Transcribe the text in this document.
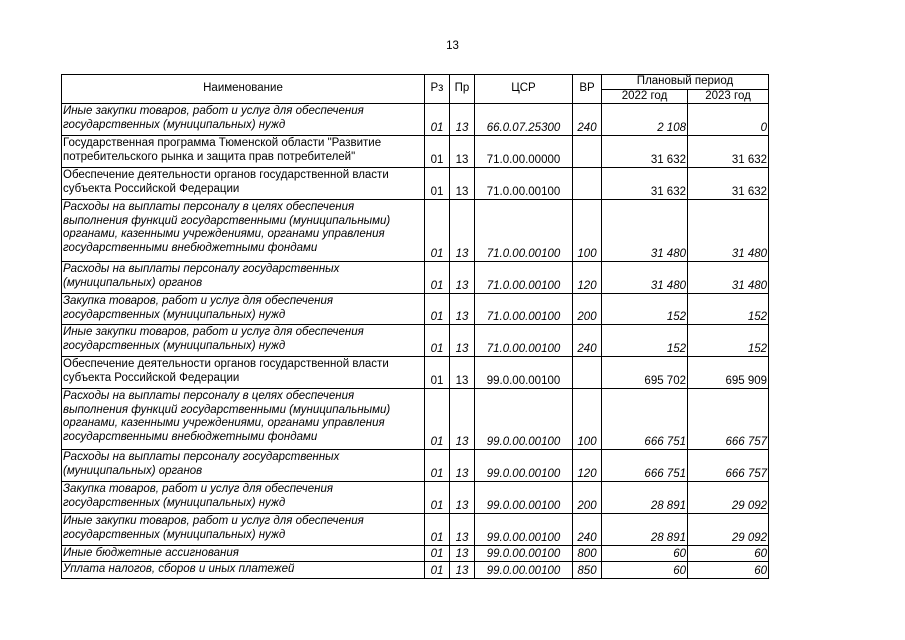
13
Наименование	Рз	Пр	ЦСР	ВР	Плановый период	
					2022 год	2023 год
Иные закупки товаров, работ и услуг для обеспечения государственных (муниципальных) нужд	01	13	66.0.07.25300	240	2 108	0
Государственная программа Тюменской области "Развитие потребительского рынка и защита прав потребителей"	01	13	71.0.00.00000		31 632	31 632
Обеспечение деятельности органов государственной власти субъекта Российской Федерации	01	13	71.0.00.00100		31 632	31 632
Расходы на выплаты персоналу в целях обеспечения выполнения функций государственными (муниципальными) органами, казенными учреждениями, органами управления государственными внебюджетными фондами	01	13	71.0.00.00100	100	31 480	31 480
Расходы на выплаты персоналу государственных (муниципальных) органов	01	13	71.0.00.00100	120	31 480	31 480
Закупка товаров, работ и услуг для обеспечения государственных (муниципальных) нужд	01	13	71.0.00.00100	200	152	152
Иные закупки товаров, работ и услуг для обеспечения государственных (муниципальных) нужд	01	13	71.0.00.00100	240	152	152
Обеспечение деятельности органов государственной власти субъекта Российской Федерации	01	13	99.0.00.00100		695 702	695 909
Расходы на выплаты персоналу в целях обеспечения выполнения функций государственными (муниципальными) органами, казенными учреждениями, органами управления государственными внебюджетными фондами	01	13	99.0.00.00100	100	666 751	666 757
Расходы на выплаты персоналу государственных (муниципальных) органов	01	13	99.0.00.00100	120	666 751	666 757
Закупка товаров, работ и услуг для обеспечения государственных (муниципальных) нужд	01	13	99.0.00.00100	200	28 891	29 092
Иные закупки товаров, работ и услуг для обеспечения государственных (муниципальных) нужд	01	13	99.0.00.00100	240	28 891	29 092
Иные бюджетные ассигнования	01	13	99.0.00.00100	800	60	60
Уплата налогов, сборов и иных платежей	01	13	99.0.00.00100	850	60	60
